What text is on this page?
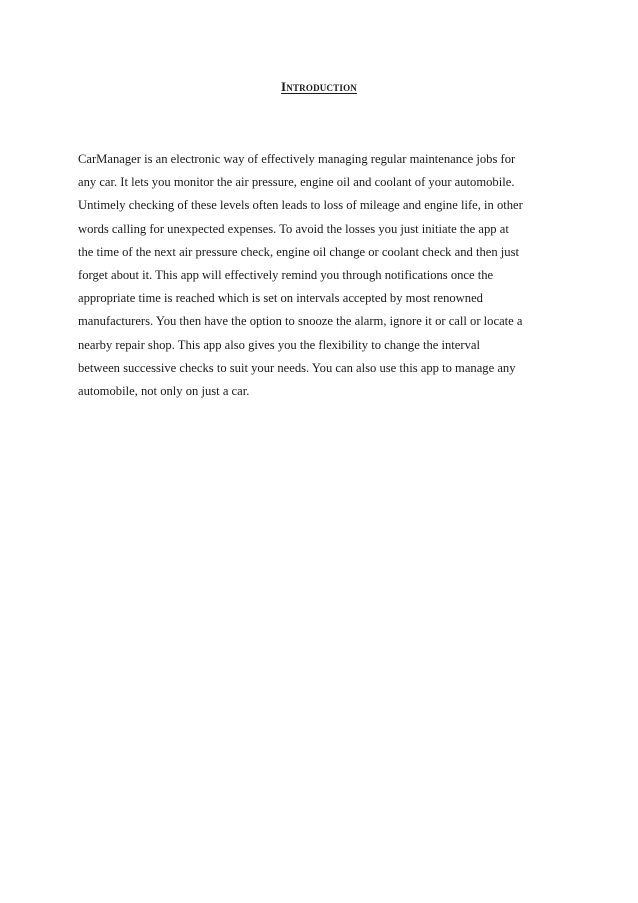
Introduction
CarManager is an electronic way of effectively managing regular maintenance jobs for
any car. It lets you monitor the air pressure, engine oil and coolant of your automobile.
Untimely checking of these levels often leads to loss of mileage and engine life, in other
words calling for unexpected expenses. To avoid the losses you just initiate the app at
the time of the next air pressure check, engine oil change or coolant check and then just
forget about it. This app will effectively remind you through notifications once the
appropriate time is reached which is set on intervals accepted by most renowned
manufacturers. You then have the option to snooze the alarm, ignore it or call or locate a
nearby repair shop. This app also gives you the flexibility to change the interval
between successive checks to suit your needs. You can also use this app to manage any
automobile, not only on just a car.
